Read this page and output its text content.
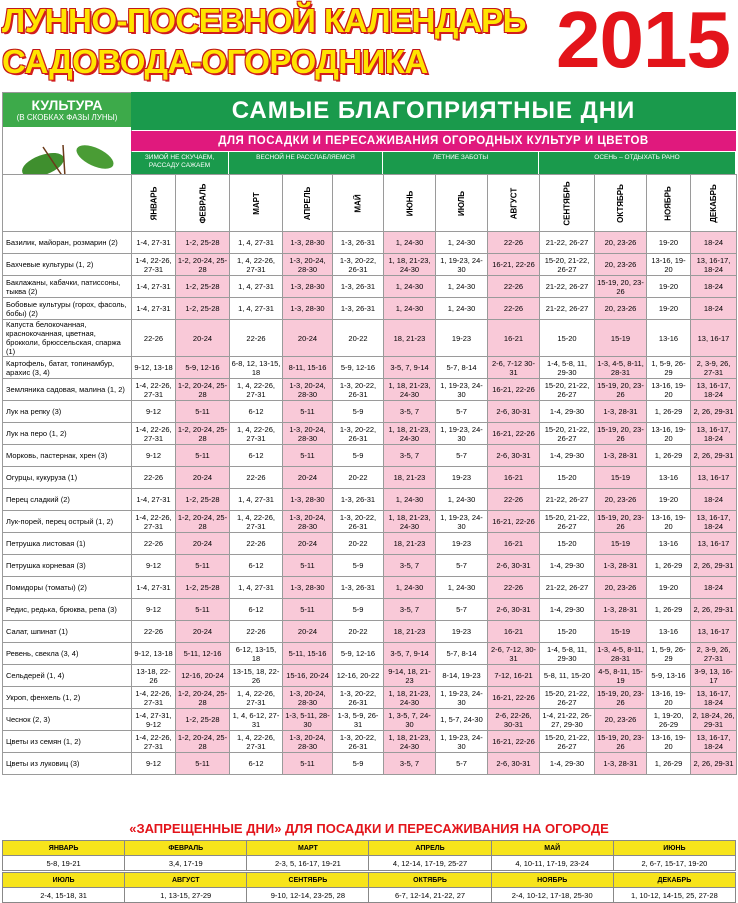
ЛУННО-ПОСЕВНОЙ КАЛЕНДАРЬ
САДОВОДА-ОГОРОДНИКА 2015
КУЛЬТУРА
(В СКОБКАХ ФАЗЫ ЛУНЫ)	САМЫЕ БЛАГОПРИЯТНЫЕ ДНИ
ДЛЯ ПОСАДКИ И ПЕРЕСАЖИВАНИЯ ОГОРОДНЫХ КУЛЬТУР И ЦВЕТОВ
ЗИМОЙ НЕ СКУЧАЕМ, РАССАДУ САЖАЕМ
ВЕСНОЙ НЕ РАССЛАБЛЯЕМСЯ	ЛЕТНИЕ ЗАБОТЫ	ОСЕНЬ – ОТДЫХАТЬ РАНО
	ЯНВАРЬ	ФЕВРАЛЬ	МАРТ	АПРЕЛЬ	МАЙ	ИЮНЬ	ИЮЛЬ	АВГУСТ	СЕНТЯБРЬ	ОКТЯБРЬ	НОЯБРЬ	ДЕКАБРЬ
Базилик, майоран, розмарин (2)	1-4, 27-31	1-2, 25-28	1, 4, 27-31	1-3, 28-30	1-3, 26-31	1, 24-30	1, 24-30	22-26	21-22, 26-27	20, 23-26	19-20	18-24
Бахчевые культуры (1, 2)	1-4, 22-26, 27-31	1-2, 20-24, 25-28	1, 4, 22-26, 27-31	1-3, 20-24, 28-30	1-3, 20-22, 26-31	1, 18, 21-23, 24-30	1, 19-23, 24-30	16-21, 22-26	15-20, 21-22, 26-27	20, 23-26	13-16, 19-20	13, 16-17, 18-24
Баклажаны, кабачки, патиссоны, тыква (2)	1-4, 27-31	1-2, 25-28	1, 4, 27-31	1-3, 28-30	1-3, 26-31	1, 24-30	1, 24-30	22-26	21-22, 26-27	15-19, 20, 23-26	19-20	18-24
Бобовые культуры (горох, фасоль, бобы) (2)	1-4, 27-31	1-2, 25-28	1, 4, 27-31	1-3, 28-30	1-3, 26-31	1, 24-30	1, 24-30	22-26	21-22, 26-27	20, 23-26	19-20	18-24
Капуста белокочанная, краснокочанная, цветная, брокколи, брюссельская, спаржа (1)	22-26	20-24	22-26	20-24	20-22	18, 21-23	19-23	16-21	15-20	15-19	13-16	13, 16-17
Картофель, батат, топинамбур, арахис (3, 4)	9-12, 13-18	5-9, 12-16	6-8, 12, 13-15, 18	8-11, 15-16	5-9, 12-16	3-5, 7, 9-14	5-7, 8-14	2-6, 7-12 30-31	1-4, 5-8, 11, 29-30	1-3, 4-5, 8-11, 28-31	1, 5-9, 26-29	2, 3-9, 26, 27-31
Земляника садовая, малина (1, 2)	1-4, 22-26, 27-31	1-2, 20-24, 25-28	1, 4, 22-26, 27-31	1-3, 20-24, 28-30	1-3, 20-22, 26-31	1, 18, 21-23, 24-30	1, 19-23, 24-30	16-21, 22-26	15-20, 21-22, 26-27	15-19, 20, 23-26	13-16, 19-20	13, 16-17, 18-24
Лук на репку (3)	9-12	5-11	6-12	5-11	5-9	3-5, 7	5-7	2-6, 30-31	1-4, 29-30	1-3, 28-31	1, 26-29	2, 26, 29-31
Лук на перо (1, 2)	1-4, 22-26, 27-31	1-2, 20-24, 25-28	1, 4, 22-26, 27-31	1-3, 20-24, 28-30	1-3, 20-22, 26-31	1, 18, 21-23, 24-30	1, 19-23, 24-30	16-21, 22-26	15-20, 21-22, 26-27	15-19, 20, 23-26	13-16, 19-20	13, 16-17, 18-24
Морковь, пастернак, хрен (3)	9-12	5-11	6-12	5-11	5-9	3-5, 7	5-7	2-6, 30-31	1-4, 29-30	1-3, 28-31	1, 26-29	2, 26, 29-31
Огурцы, кукуруза (1)	22-26	20-24	22-26	20-24	20-22	18, 21-23	19-23	16-21	15-20	15-19	13-16	13, 16-17
Перец сладкий (2)	1-4, 27-31	1-2, 25-28	1, 4, 27-31	1-3, 28-30	1-3, 26-31	1, 24-30	1, 24-30	22-26	21-22, 26-27	20, 23-26	19-20	18-24
Лук-порей, перец острый (1, 2)	1-4, 22-26, 27-31	1-2, 20-24, 25-28	1, 4, 22-26, 27-31	1-3, 20-24, 28-30	1-3, 20-22, 26-31	1, 18, 21-23, 24-30	1, 19-23, 24-30	16-21, 22-26	15-20, 21-22, 26-27	15-19, 20, 23-26	13-16, 19-20	13, 16-17, 18-24
Петрушка листовая (1)	22-26	20-24	22-26	20-24	20-22	18, 21-23	19-23	16-21	15-20	15-19	13-16	13, 16-17
Петрушка корневая (3)	9-12	5-11	6-12	5-11	5-9	3-5, 7	5-7	2-6, 30-31	1-4, 29-30	1-3, 28-31	1, 26-29	2, 26, 29-31
Помидоры (томаты) (2)	1-4, 27-31	1-2, 25-28	1, 4, 27-31	1-3, 28-30	1-3, 26-31	1, 24-30	1, 24-30	22-26	21-22, 26-27	20, 23-26	19-20	18-24
Редис, редька, брюква, репа (3)	9-12	5-11	6-12	5-11	5-9	3-5, 7	5-7	2-6, 30-31	1-4, 29-30	1-3, 28-31	1, 26-29	2, 26, 29-31
Салат, шпинат (1)	22-26	20-24	22-26	20-24	20-22	18, 21-23	19-23	16-21	15-20	15-19	13-16	13, 16-17
Ревень, свекла (3, 4)	9-12, 13-18	5-11, 12-16	6-12, 13-15, 18	5-11, 15-16	5-9, 12-16	3-5, 7, 9-14	5-7, 8-14	2-6, 7-12, 30-31	1-4, 5-8, 11, 29-30	1-3, 4-5, 8-11, 28-31	1, 5-9, 26-29	2, 3-9, 26, 27-31
Сельдерей (1, 4)	13-18, 22-26	12-16, 20-24	13-15, 18, 22-26	15-16, 20-24	12-16, 20-22	9-14, 18, 21-23	8-14, 19-23	7-12, 16-21	5-8, 11, 15-20	4-5, 8-11, 15-19	5-9, 13-16	3-9, 13, 16-17
Укроп, фенхель (1, 2)	1-4, 22-26, 27-31	1-2, 20-24, 25-28	1, 4, 22-26, 27-31	1-3, 20-24, 28-30	1-3, 20-22, 26-31	1, 18, 21-23, 24-30	1, 19-23, 24-30	16-21, 22-26	15-20, 21-22, 26-27	15-19, 20, 23-26	13-16, 19-20	13, 16-17, 18-24
Чеснок (2, 3)	1-4, 27-31, 9-12	1-2, 25-28	1, 4, 6-12, 27-31	1-3, 5-11, 28-30	1-3, 5-9, 26-31	1, 3-5, 7, 24-30	1, 5-7, 24-30	2-6, 22-26, 30-31	1-4, 21-22, 26-27, 29-30	20, 23-26	1, 19-20, 26-29	2, 18-24, 26, 29-31
Цветы из семян (1, 2)	1-4, 22-26, 27-31	1-2, 20-24, 25-28	1, 4, 22-26, 27-31	1-3, 20-24, 28-30	1-3, 20-22, 26-31	1, 18, 21-23, 24-30	1, 19-23, 24-30	16-21, 22-26	15-20, 21-22, 26-27	15-19, 20, 23-26	13-16, 19-20	13, 16-17, 18-24
Цветы из луковиц (3)	9-12	5-11	6-12	5-11	5-9	3-5, 7	5-7	2-6, 30-31	1-4, 29-30	1-3, 28-31	1, 26-29	2, 26, 29-31
«ЗАПРЕЩЕННЫЕ ДНИ» ДЛЯ ПОСАДКИ И ПЕРЕСАЖИВАНИЯ НА ОГОРОДЕ
ЯНВАРЬ	ФЕВРАЛЬ	МАРТ	АПРЕЛЬ	МАЙ	ИЮНЬ
5-8, 19-21	3,4, 17-19	2-3, 5, 16-17, 19-21	4, 12-14, 17-19, 25-27	4, 10-11, 17-19, 23-24	2, 6-7, 15-17, 19-20
ИЮЛЬ	АВГУСТ	СЕНТЯБРЬ	ОКТЯБРЬ	НОЯБРЬ	ДЕКАБРЬ
2-4, 15-18, 31	1, 13-15, 27-29	9-10, 12-14, 23-25, 28	6-7, 12-14, 21-22, 27	2-4, 10-12, 17-18, 25-30	1, 10-12, 14-15, 25, 27-28
